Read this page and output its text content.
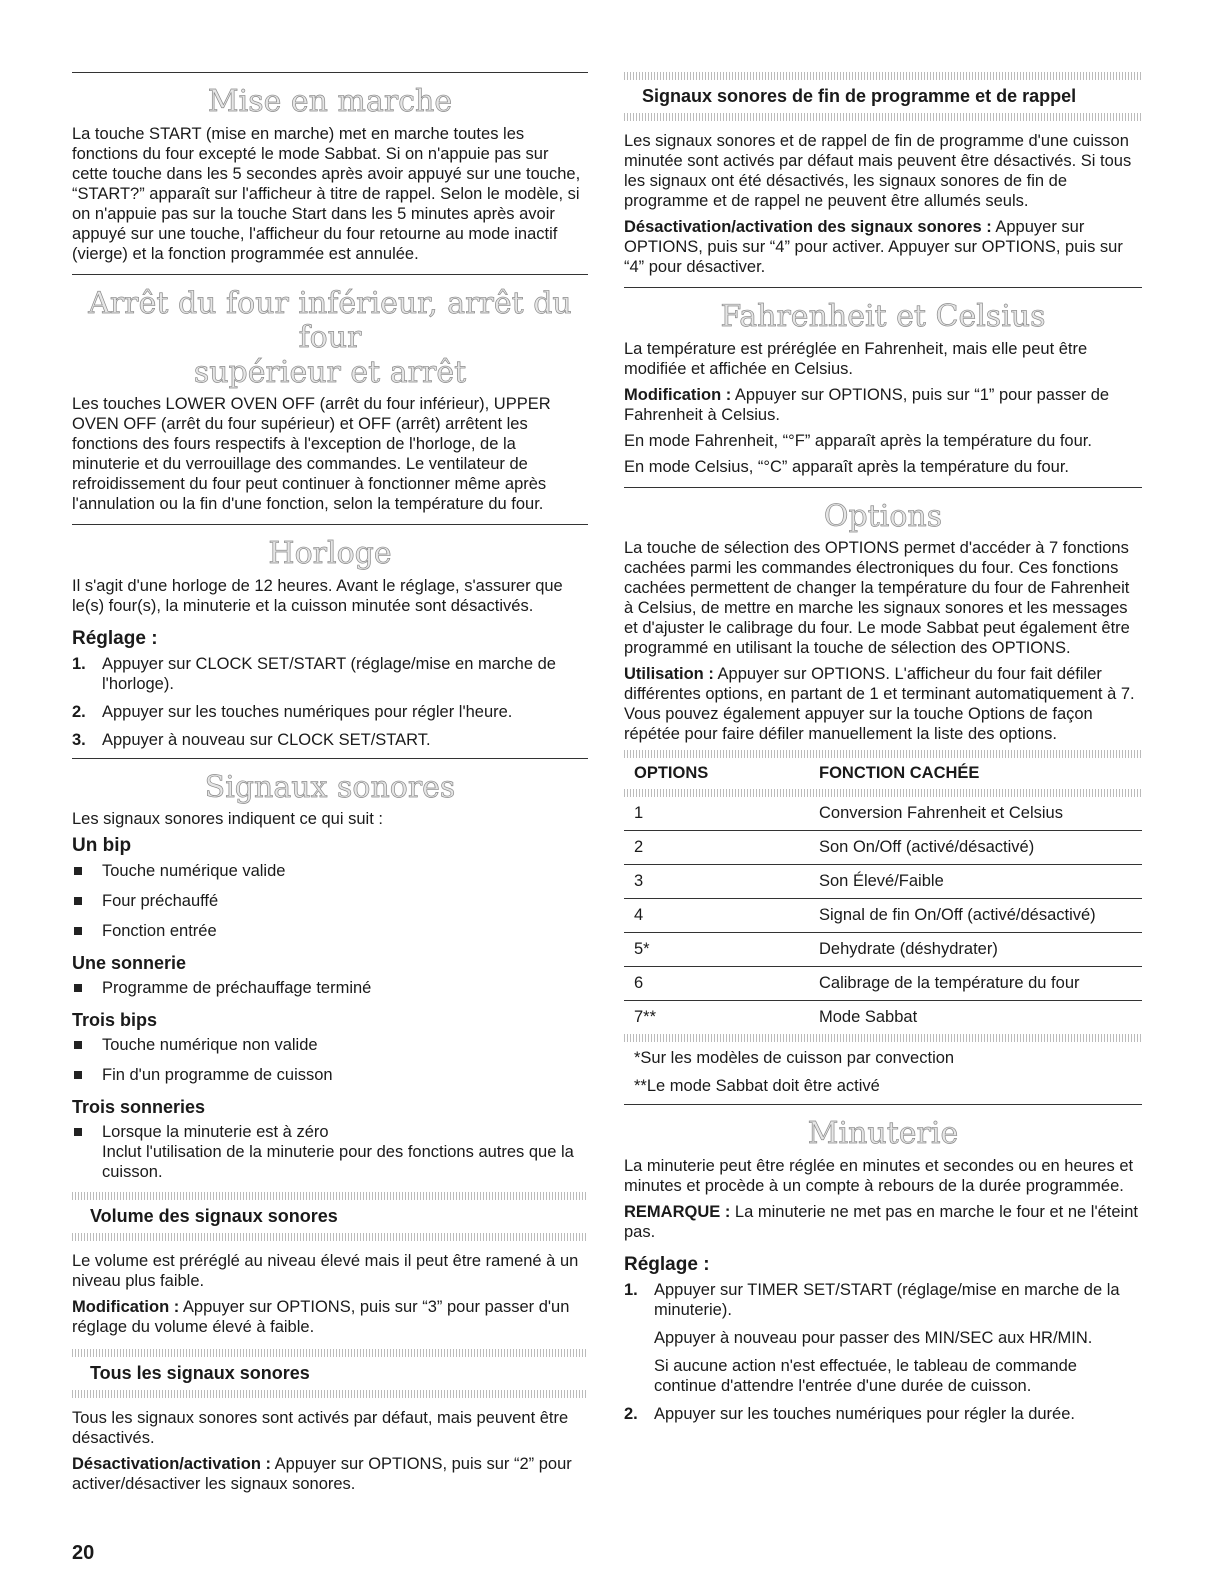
Mise en marche

La touche START (mise en marche) met en marche toutes les fonctions du four excepté le mode Sabbat. Si on n'appuie pas sur cette touche dans les 5 secondes après avoir appuyé sur une touche, “START?” apparaît sur l'afficheur à titre de rappel. Selon le modèle, si on n'appuie pas sur la touche Start dans les 5 minutes après avoir appuyé sur une touche, l'afficheur du four retourne au mode inactif (vierge) et la fonction programmée est annulée.

Arrêt du four inférieur, arrêt du four
supérieur et arrêt

Les touches LOWER OVEN OFF (arrêt du four inférieur), UPPER OVEN OFF (arrêt du four supérieur) et OFF (arrêt) arrêtent les fonctions des fours respectifs à l'exception de l'horloge, de la minuterie et du verrouillage des commandes. Le ventilateur de refroidissement du four peut continuer à fonctionner même après l'annulation ou la fin d'une fonction, selon la température du four.

Horloge

Il s'agit d'une horloge de 12 heures. Avant le réglage, s'assurer que le(s) four(s), la minuterie et la cuisson minutée sont désactivés.

Réglage :
1. Appuyer sur CLOCK SET/START (réglage/mise en marche de l'horloge).
2. Appuyer sur les touches numériques pour régler l'heure.
3. Appuyer à nouveau sur CLOCK SET/START.
Signaux sonores

Les signaux sonores indiquent ce qui suit :

Un bip
Touche numérique valide
Four préchauffé
Fonction entrée
Une sonnerie
Programme de préchauffage terminé
Trois bips
Touche numérique non valide
Fin d'un programme de cuisson
Trois sonneries
Lorsque la minuterie est à zéro
Inclut l'utilisation de la minuterie pour des fonctions autres que la cuisson.
Volume des signaux sonores

Le volume est préréglé au niveau élevé mais il peut être ramené à un niveau plus faible.

Modification : Appuyer sur OPTIONS, puis sur “3” pour passer d'un réglage du volume élevé à faible.

Tous les signaux sonores

Tous les signaux sonores sont activés par défaut, mais peuvent être désactivés.

Désactivation/activation : Appuyer sur OPTIONS, puis sur “2” pour activer/désactiver les signaux sonores.

Signaux sonores de fin de programme et de rappel

Les signaux sonores et de rappel de fin de programme d'une cuisson minutée sont activés par défaut mais peuvent être désactivés. Si tous les signaux ont été désactivés, les signaux sonores de fin de programme et de rappel ne peuvent être allumés seuls.

Désactivation/activation des signaux sonores : Appuyer sur OPTIONS, puis sur “4” pour activer. Appuyer sur OPTIONS, puis sur “4” pour désactiver.

Fahrenheit et Celsius

La température est préréglée en Fahrenheit, mais elle peut être modifiée et affichée en Celsius.

Modification : Appuyer sur OPTIONS, puis sur “1” pour passer de Fahrenheit à Celsius.

En mode Fahrenheit, “°F” apparaît après la température du four.

En mode Celsius, “°C” apparaît après la température du four.

Options

La touche de sélection des OPTIONS permet d'accéder à 7 fonctions cachées parmi les commandes électroniques du four. Ces fonctions cachées permettent de changer la température du four de Fahrenheit à Celsius, de mettre en marche les signaux sonores et les messages et d'ajuster le calibrage du four. Le mode Sabbat peut également être programmé en utilisant la touche de sélection des OPTIONS.

Utilisation : Appuyer sur OPTIONS. L'afficheur du four fait défiler différentes options, en partant de 1 et terminant automatiquement à 7. Vous pouvez également appuyer sur la touche Options de façon répétée pour faire défiler manuellement la liste des options.

OPTIONS	FONCTION CACHÉE

1	Conversion Fahrenheit et Celsius
2	Son On/Off (activé/désactivé)
3	Son Élevé/Faible
4	Signal de fin On/Off (activé/désactivé)
5*	Dehydrate (déshydrater)
6	Calibrage de la température du four
7**	Mode Sabbat

*Sur les modèles de cuisson par convection

**Le mode Sabbat doit être activé

Minuterie

La minuterie peut être réglée en minutes et secondes ou en heures et minutes et procède à un compte à rebours de la durée programmée.

REMARQUE : La minuterie ne met pas en marche le four et ne l'éteint pas.

Réglage :
1. Appuyer sur TIMER SET/START (réglage/mise en marche de la minuterie).
Appuyer à nouveau pour passer des MIN/SEC aux HR/MIN.
Si aucune action n'est effectuée, le tableau de commande continue d'attendre l'entrée d'une durée de cuisson.
2. Appuyer sur les touches numériques pour régler la durée.
20
